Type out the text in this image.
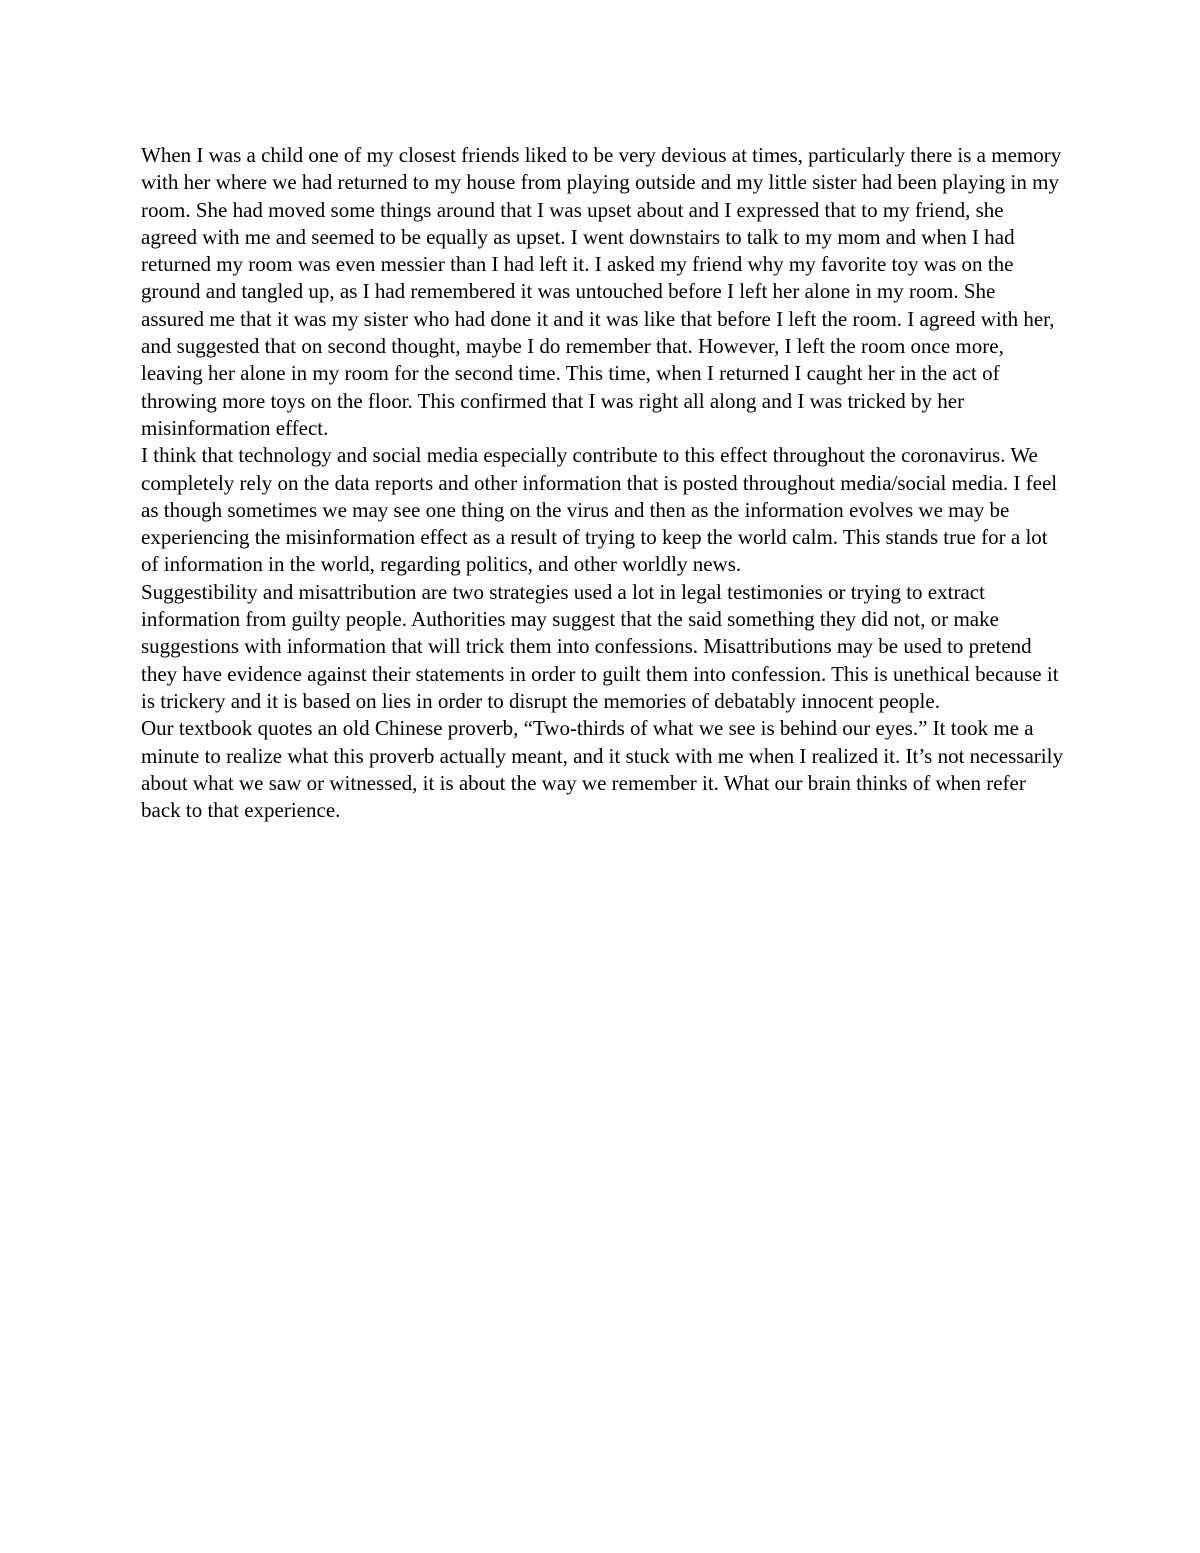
When I was a child one of my closest friends liked to be very devious at times, particularly there is a memory with her where we had returned to my house from playing outside and my little sister had been playing in my room. She had moved some things around that I was upset about and I expressed that to my friend, she agreed with me and seemed to be equally as upset. I went downstairs to talk to my mom and when I had returned my room was even messier than I had left it. I asked my friend why my favorite toy was on the ground and tangled up, as I had remembered it was untouched before I left her alone in my room. She assured me that it was my sister who had done it and it was like that before I left the room. I agreed with her, and suggested that on second thought, maybe I do remember that. However, I left the room once more, leaving her alone in my room for the second time. This time, when I returned I caught her in the act of throwing more toys on the floor. This confirmed that I was right all along and I was tricked by her misinformation effect.

I think that technology and social media especially contribute to this effect throughout the coronavirus. We completely rely on the data reports and other information that is posted throughout media/social media. I feel as though sometimes we may see one thing on the virus and then as the information evolves we may be experiencing the misinformation effect as a result of trying to keep the world calm. This stands true for a lot of information in the world, regarding politics, and other worldly news.

Suggestibility and misattribution are two strategies used a lot in legal testimonies or trying to extract information from guilty people. Authorities may suggest that the said something they did not, or make suggestions with information that will trick them into confessions. Misattributions may be used to pretend they have evidence against their statements in order to guilt them into confession. This is unethical because it is trickery and it is based on lies in order to disrupt the memories of debatably innocent people.

Our textbook quotes an old Chinese proverb, “Two-thirds of what we see is behind our eyes.” It took me a minute to realize what this proverb actually meant, and it stuck with me when I realized it. It’s not necessarily about what we saw or witnessed, it is about the way we remember it. What our brain thinks of when refer back to that experience.
